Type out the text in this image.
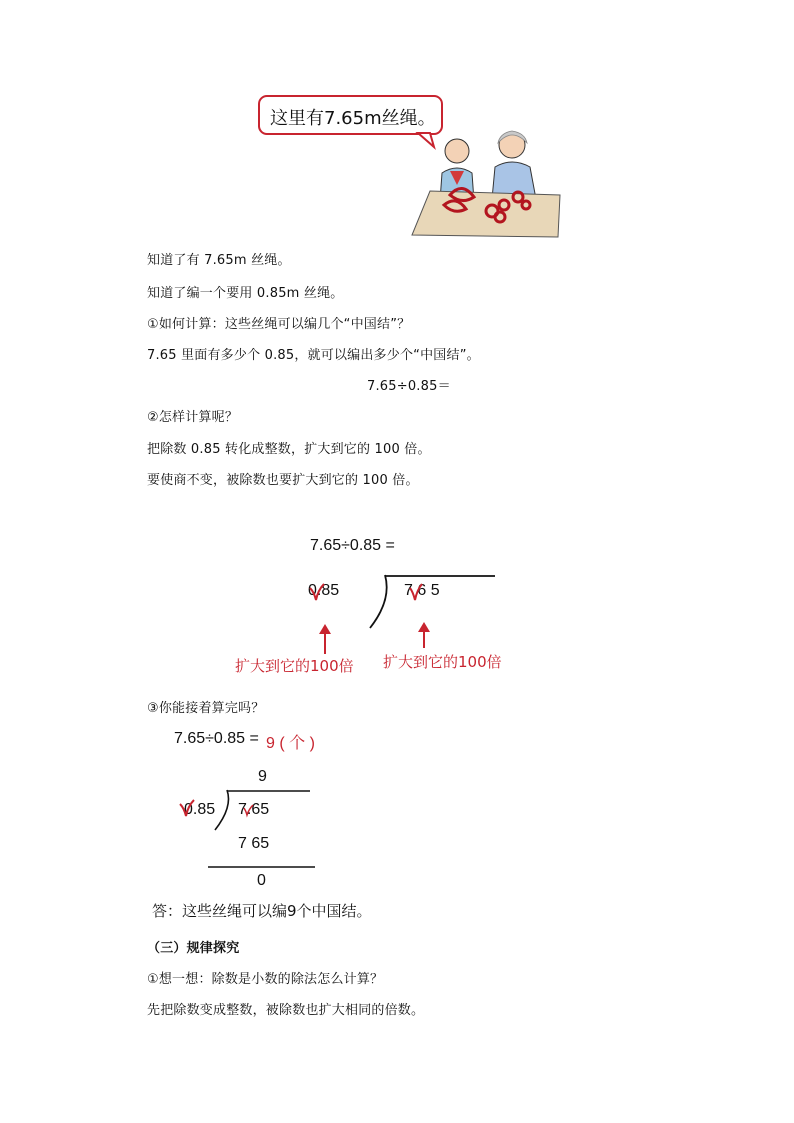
这里有7.65m丝绳。
知道了有 7.65m 丝绳。
知道了编一个要用 0.85m 丝绳。
①如何计算：这些丝绳可以编几个“中国结”？
7.65 里面有多少个 0.85，就可以编出多少个“中国结”。
7.65÷0.85＝
②怎样计算呢？
把除数 0.85 转化成整数，扩大到它的 100 倍。
要使商不变，被除数也要扩大到它的 100 倍。
7.65÷0.85 =
0.85	7 6 5
扩大到它的100倍 扩大到它的100倍
③你能接着算完吗？
7.65÷0.85 = 9 ( 个 )
9
0.85 7.65
7 65
0
答：这些丝绳可以编9个中国结。
（三）规律探究
①想一想：除数是小数的除法怎么计算？
先把除数变成整数，被除数也扩大相同的倍数。
